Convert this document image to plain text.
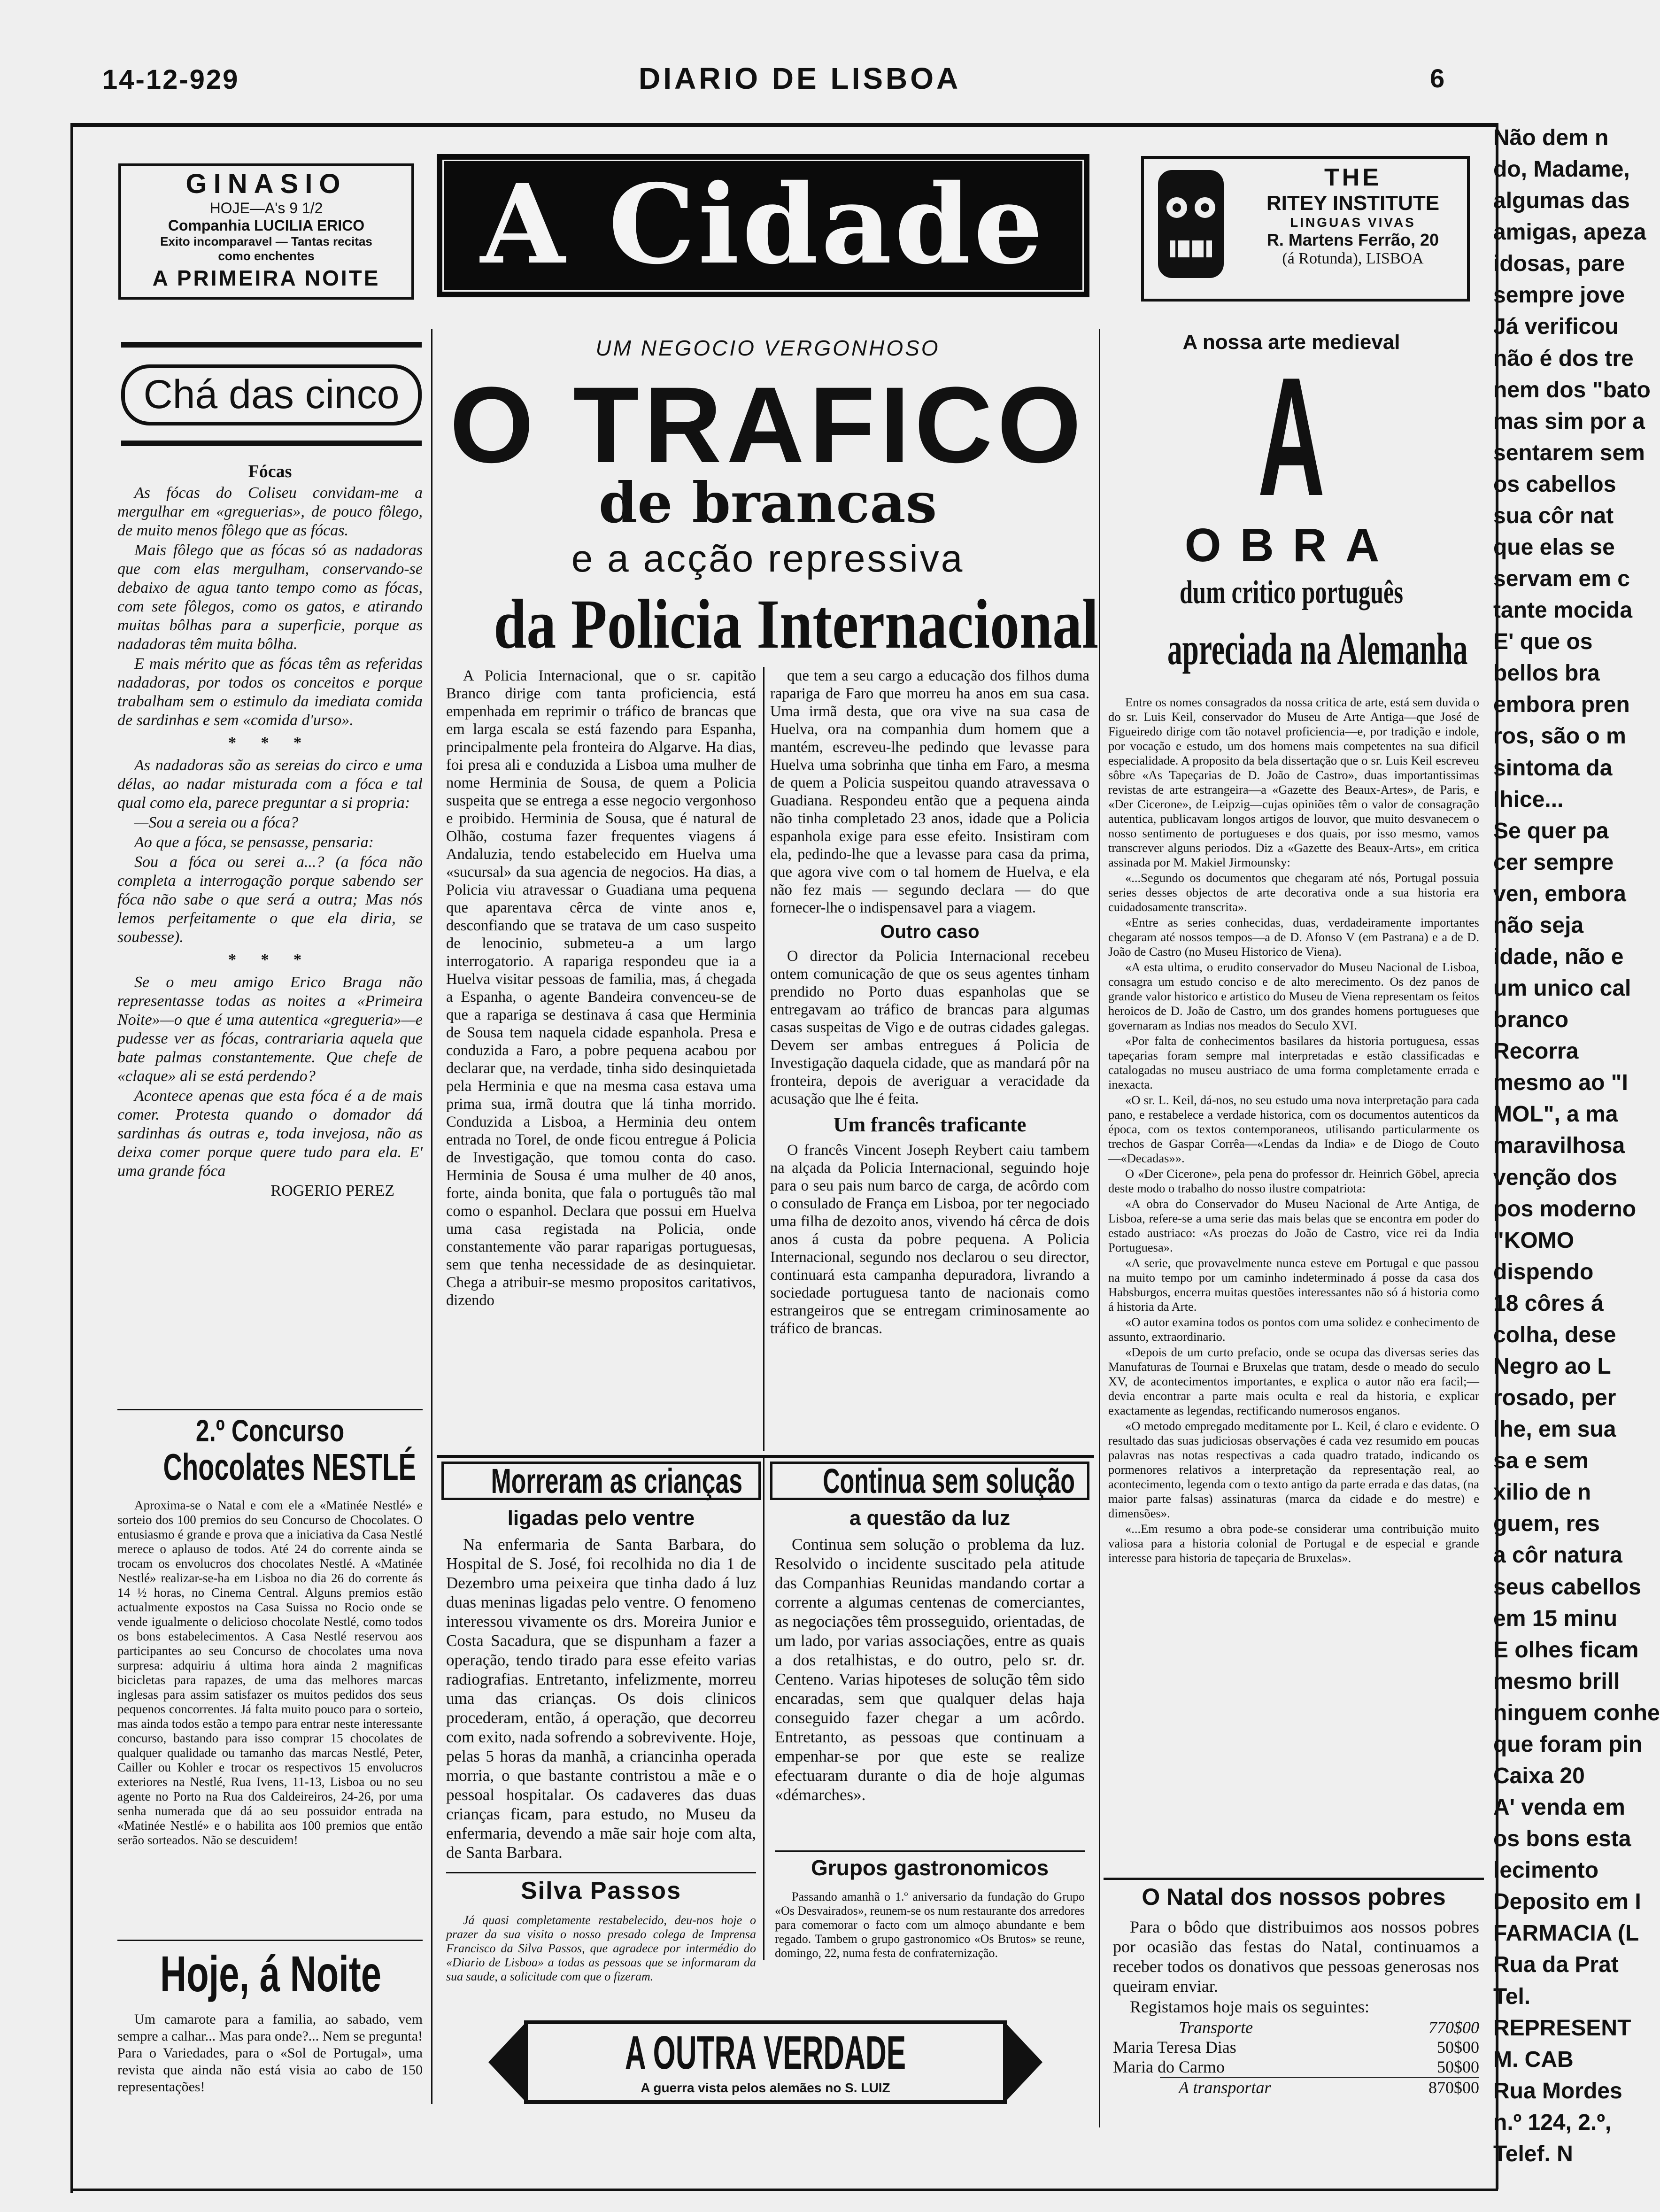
14-12-929	DIARIO DE LISBOA	6
GINASIO
HOJE—A's 9 1/2
Companhia LUCILIA ERICO
Exito incomparavel — Tantas recitas
como enchentes
A PRIMEIRA NOITE A Cidade	THE
RITEY INSTITUTE
LINGUAS VIVAS
R. Martens Ferrão, 20
(á Rotunda), LISBOA
Chá das cinco
Fócas

As fócas do Coliseu convidam-me a mergulhar em «greguerias», de pouco fôlego, de muito menos fôlego que as fócas.

Mais fôlego que as fócas só as nadadoras que com elas mergulham, conservando-se debaixo de agua tanto tempo como as fócas, com sete fôlegos, como os gatos, e atirando muitas bôlhas para a superficie, porque as nadadoras têm muita bôlha.

E mais mérito que as fócas têm as referidas nadadoras, por todos os conceitos e porque trabalham sem o estimulo da imediata comida de sardinhas e sem «comida d'urso».

* * *

As nadadoras são as sereias do circo e uma délas, ao nadar misturada com a fóca e tal qual como ela, parece preguntar a si propria:

—Sou a sereia ou a fóca?

Ao que a fóca, se pensasse, pensaria:

Sou a fóca ou serei a...? (a fóca não completa a interrogação porque sabendo ser fóca não sabe o que será a outra; Mas nós lemos perfeitamente o que ela diria, se soubesse).

* * *

Se o meu amigo Erico Braga não representasse todas as noites a «Primeira Noite»—o que é uma autentica «gregueria»—e pudesse ver as fócas, contrariaria aquela que bate palmas constantemente. Que chefe de «claque» ali se está perdendo?

Acontece apenas que esta fóca é a de mais comer. Protesta quando o domador dá sardinhas ás outras e, toda invejosa, não as deixa comer porque quere tudo para ela. E' uma grande fóca

ROGERIO PEREZ
2.º Concurso
Chocolates NESTLÉ

Aproxima-se o Natal e com ele a «Matinée Nestlé» e sorteio dos 100 premios do seu Concurso de Chocolates. O entusiasmo é grande e prova que a iniciativa da Casa Nestlé merece o aplauso de todos. Até 24 do corrente ainda se trocam os envolucros dos chocolates Nestlé. A «Matinée Nestlé» realizar-se-ha em Lisboa no dia 26 do corrente ás 14 ½ horas, no Cinema Central. Alguns premios estão actualmente expostos na Casa Suissa no Rocio onde se vende igualmente o delicioso chocolate Nestlé, como todos os bons estabelecimentos. A Casa Nestlé reservou aos participantes ao seu Concurso de chocolates uma nova surpresa: adquiriu á ultima hora ainda 2 magnificas bicicletas para rapazes, de uma das melhores marcas inglesas para assim satisfazer os muitos pedidos dos seus pequenos concorrentes. Já falta muito pouco para o sorteio, mas ainda todos estão a tempo para entrar neste interessante concurso, bastando para isso comprar 15 chocolates de qualquer qualidade ou tamanho das marcas Nestlé, Peter, Cailler ou Kohler e trocar os respectivos 15 envolucros exteriores na Nestlé, Rua Ivens, 11-13, Lisboa ou no seu agente no Porto na Rua dos Caldeireiros, 24-26, por uma senha numerada que dá ao seu possuidor entrada na «Matinée Nestlé» e o habilita aos 100 premios que então serão sorteados. Não se descuidem!

Hoje, á Noite

Um camarote para a familia, ao sabado, vem sempre a calhar... Mas para onde?... Nem se pregunta! Para o Variedades, para o «Sol de Portugal», uma revista que ainda não está visia ao cabo de 150 representações!

UM NEGOCIO VERGONHOSO
O TRAFICO
de brancas
e a acção repressiva
da Policia Internacional

A Policia Internacional, que o sr. capitão Branco dirige com tanta proficiencia, está empenhada em reprimir o tráfico de brancas que em larga escala se está fazendo para Espanha, principalmente pela fronteira do Algarve. Ha dias, foi presa ali e conduzida a Lisboa uma mulher de nome Herminia de Sousa, de quem a Policia suspeita que se entrega a esse negocio vergonhoso e proibido. Herminia de Sousa, que é natural de Olhão, costuma fazer frequentes viagens á Andaluzia, tendo estabelecido em Huelva uma «sucursal» da sua agencia de negocios. Ha dias, a Policia viu atravessar o Guadiana uma pequena que aparentava cêrca de vinte anos e, desconfiando que se tratava de um caso suspeito de lenocinio, submeteu-a a um largo interrogatorio. A rapariga respondeu que ia a Huelva visitar pessoas de familia, mas, á chegada a Espanha, o agente Bandeira convenceu-se de que a rapariga se destinava á casa que Herminia de Sousa tem naquela cidade espanhola. Presa e conduzida a Faro, a pobre pequena acabou por declarar que, na verdade, tinha sido desinquietada pela Herminia e que na mesma casa estava uma prima sua, irmã doutra que lá tinha morrido. Conduzida a Lisboa, a Herminia deu ontem entrada no Torel, de onde ficou entregue á Policia de Investigação, que tomou conta do caso. Herminia de Sousa é uma mulher de 40 anos, forte, ainda bonita, que fala o português tão mal como o espanhol. Declara que possui em Huelva uma casa registada na Policia, onde constantemente vão parar raparigas portuguesas, sem que tenha necessidade de as desinquietar. Chega a atribuir-se mesmo propositos caritativos, dizendo

que tem a seu cargo a educação dos filhos duma rapariga de Faro que morreu ha anos em sua casa. Uma irmã desta, que ora vive na sua casa de Huelva, ora na companhia dum homem que a mantém, escreveu-lhe pedindo que levasse para Huelva uma sobrinha que tinha em Faro, a mesma de quem a Policia suspeitou quando atravessava o Guadiana. Respondeu então que a pequena ainda não tinha completado 23 anos, idade que a Policia espanhola exige para esse efeito. Insistiram com ela, pedindo-lhe que a levasse para casa da prima, que agora vive com o tal homem de Huelva, e ela não fez mais — segundo declara — do que fornecer-lhe o indispensavel para a viagem.

Outro caso

O director da Policia Internacional recebeu ontem comunicação de que os seus agentes tinham prendido no Porto duas espanholas que se entregavam ao tráfico de brancas para algumas casas suspeitas de Vigo e de outras cidades galegas. Devem ser ambas entregues á Policia de Investigação daquela cidade, que as mandará pôr na fronteira, depois de averiguar a veracidade da acusação que lhe é feita.

Um francês traficante

O francês Vincent Joseph Reybert caiu tambem na alçada da Policia Internacional, seguindo hoje para o seu pais num barco de carga, de acôrdo com o consulado de França em Lisboa, por ter negociado uma filha de dezoito anos, vivendo há cêrca de dois anos á custa da pobre pequena. A Policia Internacional, segundo nos declarou o seu director, continuará esta campanha depuradora, livrando a sociedade portuguesa tanto de nacionais como estrangeiros que se entregam criminosamente ao tráfico de brancas.

Morreram as crianças
ligadas pelo ventre

Na enfermaria de Santa Barbara, do Hospital de S. José, foi recolhida no dia 1 de Dezembro uma peixeira que tinha dado á luz duas meninas ligadas pelo ventre. O fenomeno interessou vivamente os drs. Moreira Junior e Costa Sacadura, que se dispunham a fazer a operação, tendo tirado para esse efeito varias radiografias. Entretanto, infelizmente, morreu uma das crianças. Os dois clinicos procederam, então, á operação, que decorreu com exito, nada sofrendo a sobrevivente. Hoje, pelas 5 horas da manhã, a criancinha operada morria, o que bastante contristou a mãe e o pessoal hospitalar. Os cadaveres das duas crianças ficam, para estudo, no Museu da enfermaria, devendo a mãe sair hoje com alta, de Santa Barbara.

Silva Passos

Já quasi completamente restabelecido, deu-nos hoje o prazer da sua visita o nosso presado colega de Imprensa Francisco da Silva Passos, que agradece por intermédio do «Diario de Lisboa» a todas as pessoas que se informaram da sua saude, a solicitude com que o fizeram.

Continua sem solução
a questão da luz

Continua sem solução o problema da luz. Resolvido o incidente suscitado pela atitude das Companhias Reunidas mandando cortar a corrente a algumas centenas de comerciantes, as negociações têm prosseguido, orientadas, de um lado, por varias associações, entre as quais a dos retalhistas, e do outro, pelo sr. dr. Centeno. Varias hipoteses de solução têm sido encaradas, sem que qualquer delas haja conseguido fazer chegar a um acôrdo. Entretanto, as pessoas que continuam a empenhar-se por que este se realize efectuaram durante o dia de hoje algumas «démarches».

Grupos gastronomicos

Passando amanhã o 1.º aniversario da fundação do Grupo «Os Desvairados», reunem-se os num restaurante dos arredores para comemorar o facto com um almoço abundante e bem regado. Tambem o grupo gastronomico «Os Brutos» se reune, domingo, 22, numa festa de confraternização.

A OUTRA VERDADE
A guerra vista pelos alemães no S. LUIZ
A nossa arte medieval
A
OBRA
dum critico português
apreciada na Alemanha

Entre os nomes consagrados da nossa critica de arte, está sem duvida o do sr. Luis Keil, conservador do Museu de Arte Antiga—que José de Figueiredo dirige com tão notavel proficiencia—e, por tradição e indole, por vocação e estudo, um dos homens mais competentes na sua dificil especialidade. A proposito da bela dissertação que o sr. Luis Keil escreveu sôbre «As Tapeçarias de D. João de Castro», duas importantissimas revistas de arte estrangeira—a «Gazette des Beaux-Artes», de Paris, e «Der Cicerone», de Leipzig—cujas opiniões têm o valor de consagração autentica, publicavam longos artigos de louvor, que muito desvanecem o nosso sentimento de portugueses e dos quais, por isso mesmo, vamos transcrever alguns periodos. Diz a «Gazette des Beaux-Arts», em critica assinada por M. Makiel Jirmounsky:

«...Segundo os documentos que chegaram até nós, Portugal possuia series desses objectos de arte decorativa onde a sua historia era cuidadosamente transcrita».

«Entre as series conhecidas, duas, verdadeiramente importantes chegaram até nossos tempos—a de D. Afonso V (em Pastrana) e a de D. João de Castro (no Museu Historico de Viena).

«A esta ultima, o erudito conservador do Museu Nacional de Lisboa, consagra um estudo conciso e de alto merecimento. Os dez panos de grande valor historico e artistico do Museu de Viena representam os feitos heroicos de D. João de Castro, um dos grandes homens portugueses que governaram as Indias nos meados do Seculo XVI.

«Por falta de conhecimentos basilares da historia portuguesa, essas tapeçarias foram sempre mal interpretadas e estão classificadas e catalogadas no museu austriaco de uma forma completamente errada e inexacta.

«O sr. L. Keil, dá-nos, no seu estudo uma nova interpretação para cada pano, e restabelece a verdade historica, com os documentos autenticos da época, com os textos contemporaneos, utilisando particularmente os trechos de Gaspar Corrêa—«Lendas da India» e de Diogo de Couto —«Decadas»».

O «Der Cicerone», pela pena do professor dr. Heinrich Göbel, aprecia deste modo o trabalho do nosso ilustre compatriota:

«A obra do Conservador do Museu Nacional de Arte Antiga, de Lisboa, refere-se a uma serie das mais belas que se encontra em poder do estado austriaco: «As proezas do João de Castro, vice rei da India Portuguesa».

«A serie, que provavelmente nunca esteve em Portugal e que passou na muito tempo por um caminho indeterminado á posse da casa dos Habsburgos, encerra muitas questões interessantes não só á historia como á historia da Arte.

«O autor examina todos os pontos com uma solidez e conhecimento de assunto, extraordinario.

«Depois de um curto prefacio, onde se ocupa das diversas series das Manufaturas de Tournai e Bruxelas que tratam, desde o meado do seculo XV, de acontecimentos importantes, e explica o autor não era facil;—devia encontrar a parte mais oculta e real da historia, e explicar exactamente as legendas, rectificando numerosos enganos.

«O metodo empregado meditamente por L. Keil, é claro e evidente. O resultado das suas judiciosas observações é cada vez resumido em poucas palavras nas notas respectivas a cada quadro tratado, indicando os pormenores relativos a interpretação da representação real, ao acontecimento, legenda com o texto antigo da parte errada e das datas, (na maior parte falsas) assinaturas (marca da cidade e do mestre) e dimensões».

«...Em resumo a obra pode-se considerar uma contribuição muito valiosa para a historia colonial de Portugal e de especial e grande interesse para historia de tapeçaria de Bruxelas».

O Natal dos nossos pobres

Para o bôdo que distribuimos aos nossos pobres por ocasião das festas do Natal, continuamos a receber todos os donativos que pessoas generosas nos queiram enviar.

Registamos hoje mais os seguintes:

Transporte	770$00
Maria Teresa Dias	50$00
Maria do Carmo	50$00
A transportar	870$00
Não dem n
do, Madame,
algumas das
amigas, apeza
idosas, pare
sempre jove
Já verificou
não é dos tre
nem dos "bato
mas sim por a
sentarem sem
os cabellos
sua côr nat
que elas se
servam em c
tante mocida
E' que os
bellos bra
embora pren
ros, são o m
sintoma da
Ihice...
Se quer pa
cer sempre
ven, embora
não seja
idade, não e
um unico cal
branco
Recorra
mesmo ao "I
MOL", a ma
maravilhosa
venção dos
pos moderno
"KOMO
dispendo
18 côres á
colha, dese
Negro ao L
rosado, per
lhe, em sua
sa e sem
xilio de n
guem, res
a côr natura
seus cabellos
em 15 minu
E olhes ficam
mesmo brill
ninguem conhe
que foram pin
Caixa 20
A' venda em
os bons esta
lecimento
Deposito em I
FARMACIA (L
Rua da Prat
Tel.
REPRESENT
M. CAB
Rua Mordes
n.º 124, 2.º,
Telef. N
